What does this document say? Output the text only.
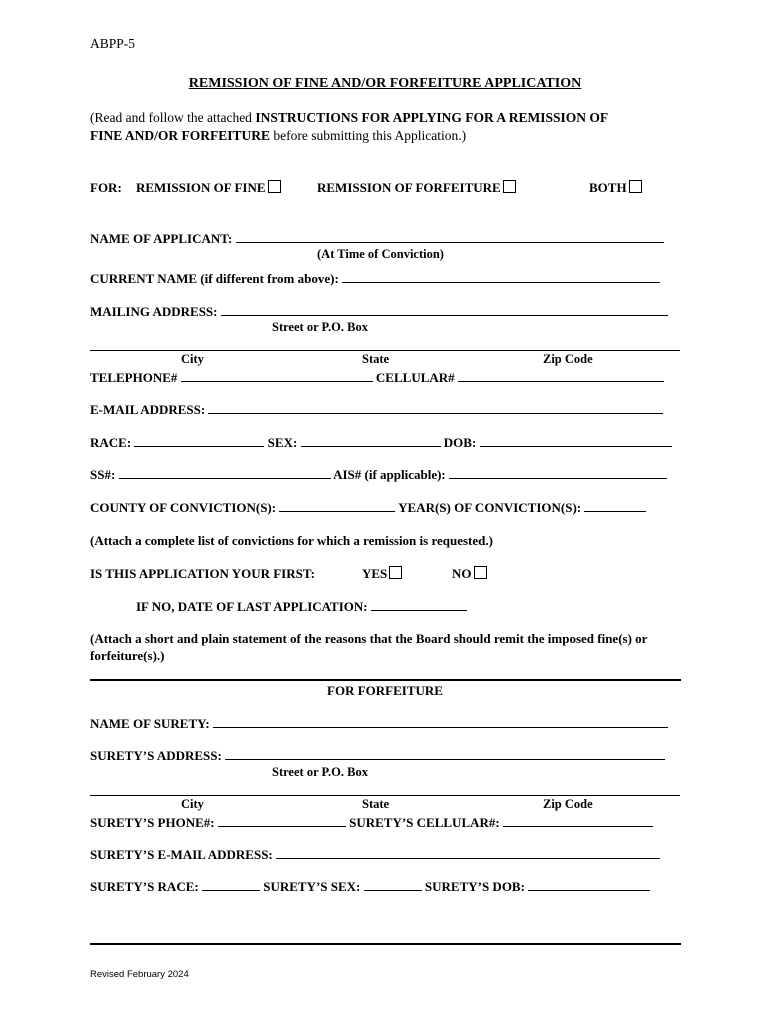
ABPP-5
REMISSION OF FINE AND/OR FORFEITURE APPLICATION
(Read and follow the attached INSTRUCTIONS FOR APPLYING FOR A REMISSION OF
FINE AND/OR FORFEITURE before submitting this Application.)
FOR: REMISSION OF FINE	REMISSION OF FORFEITURE	BOTH
NAME OF APPLICANT:
(At Time of Conviction)
CURRENT NAME (if different from above):
MAILING ADDRESS:
Street or P.O. Box
City	State	Zip Code
TELEPHONE#	CELLULAR#
E-MAIL ADDRESS:
RACE:	SEX:	DOB:
SS#:	AIS# (if applicable):
COUNTY OF CONVICTION(S):	YEAR(S) OF CONVICTION(S):
(Attach a complete list of convictions for which a remission is requested.)
IS THIS APPLICATION YOUR FIRST:	YES	NO
IF NO, DATE OF LAST APPLICATION:
(Attach a short and plain statement of the reasons that the Board should remit the imposed fine(s) or
forfeiture(s).)
FOR FORFEITURE
NAME OF SURETY:
SURETY’S ADDRESS:
Street or P.O. Box
City	State	Zip Code
SURETY’S PHONE#:	SURETY’S CELLULAR#:
SURETY’S E-MAIL ADDRESS:
SURETY’S RACE:	SURETY’S SEX:	SURETY’S DOB:
Revised February 2024
